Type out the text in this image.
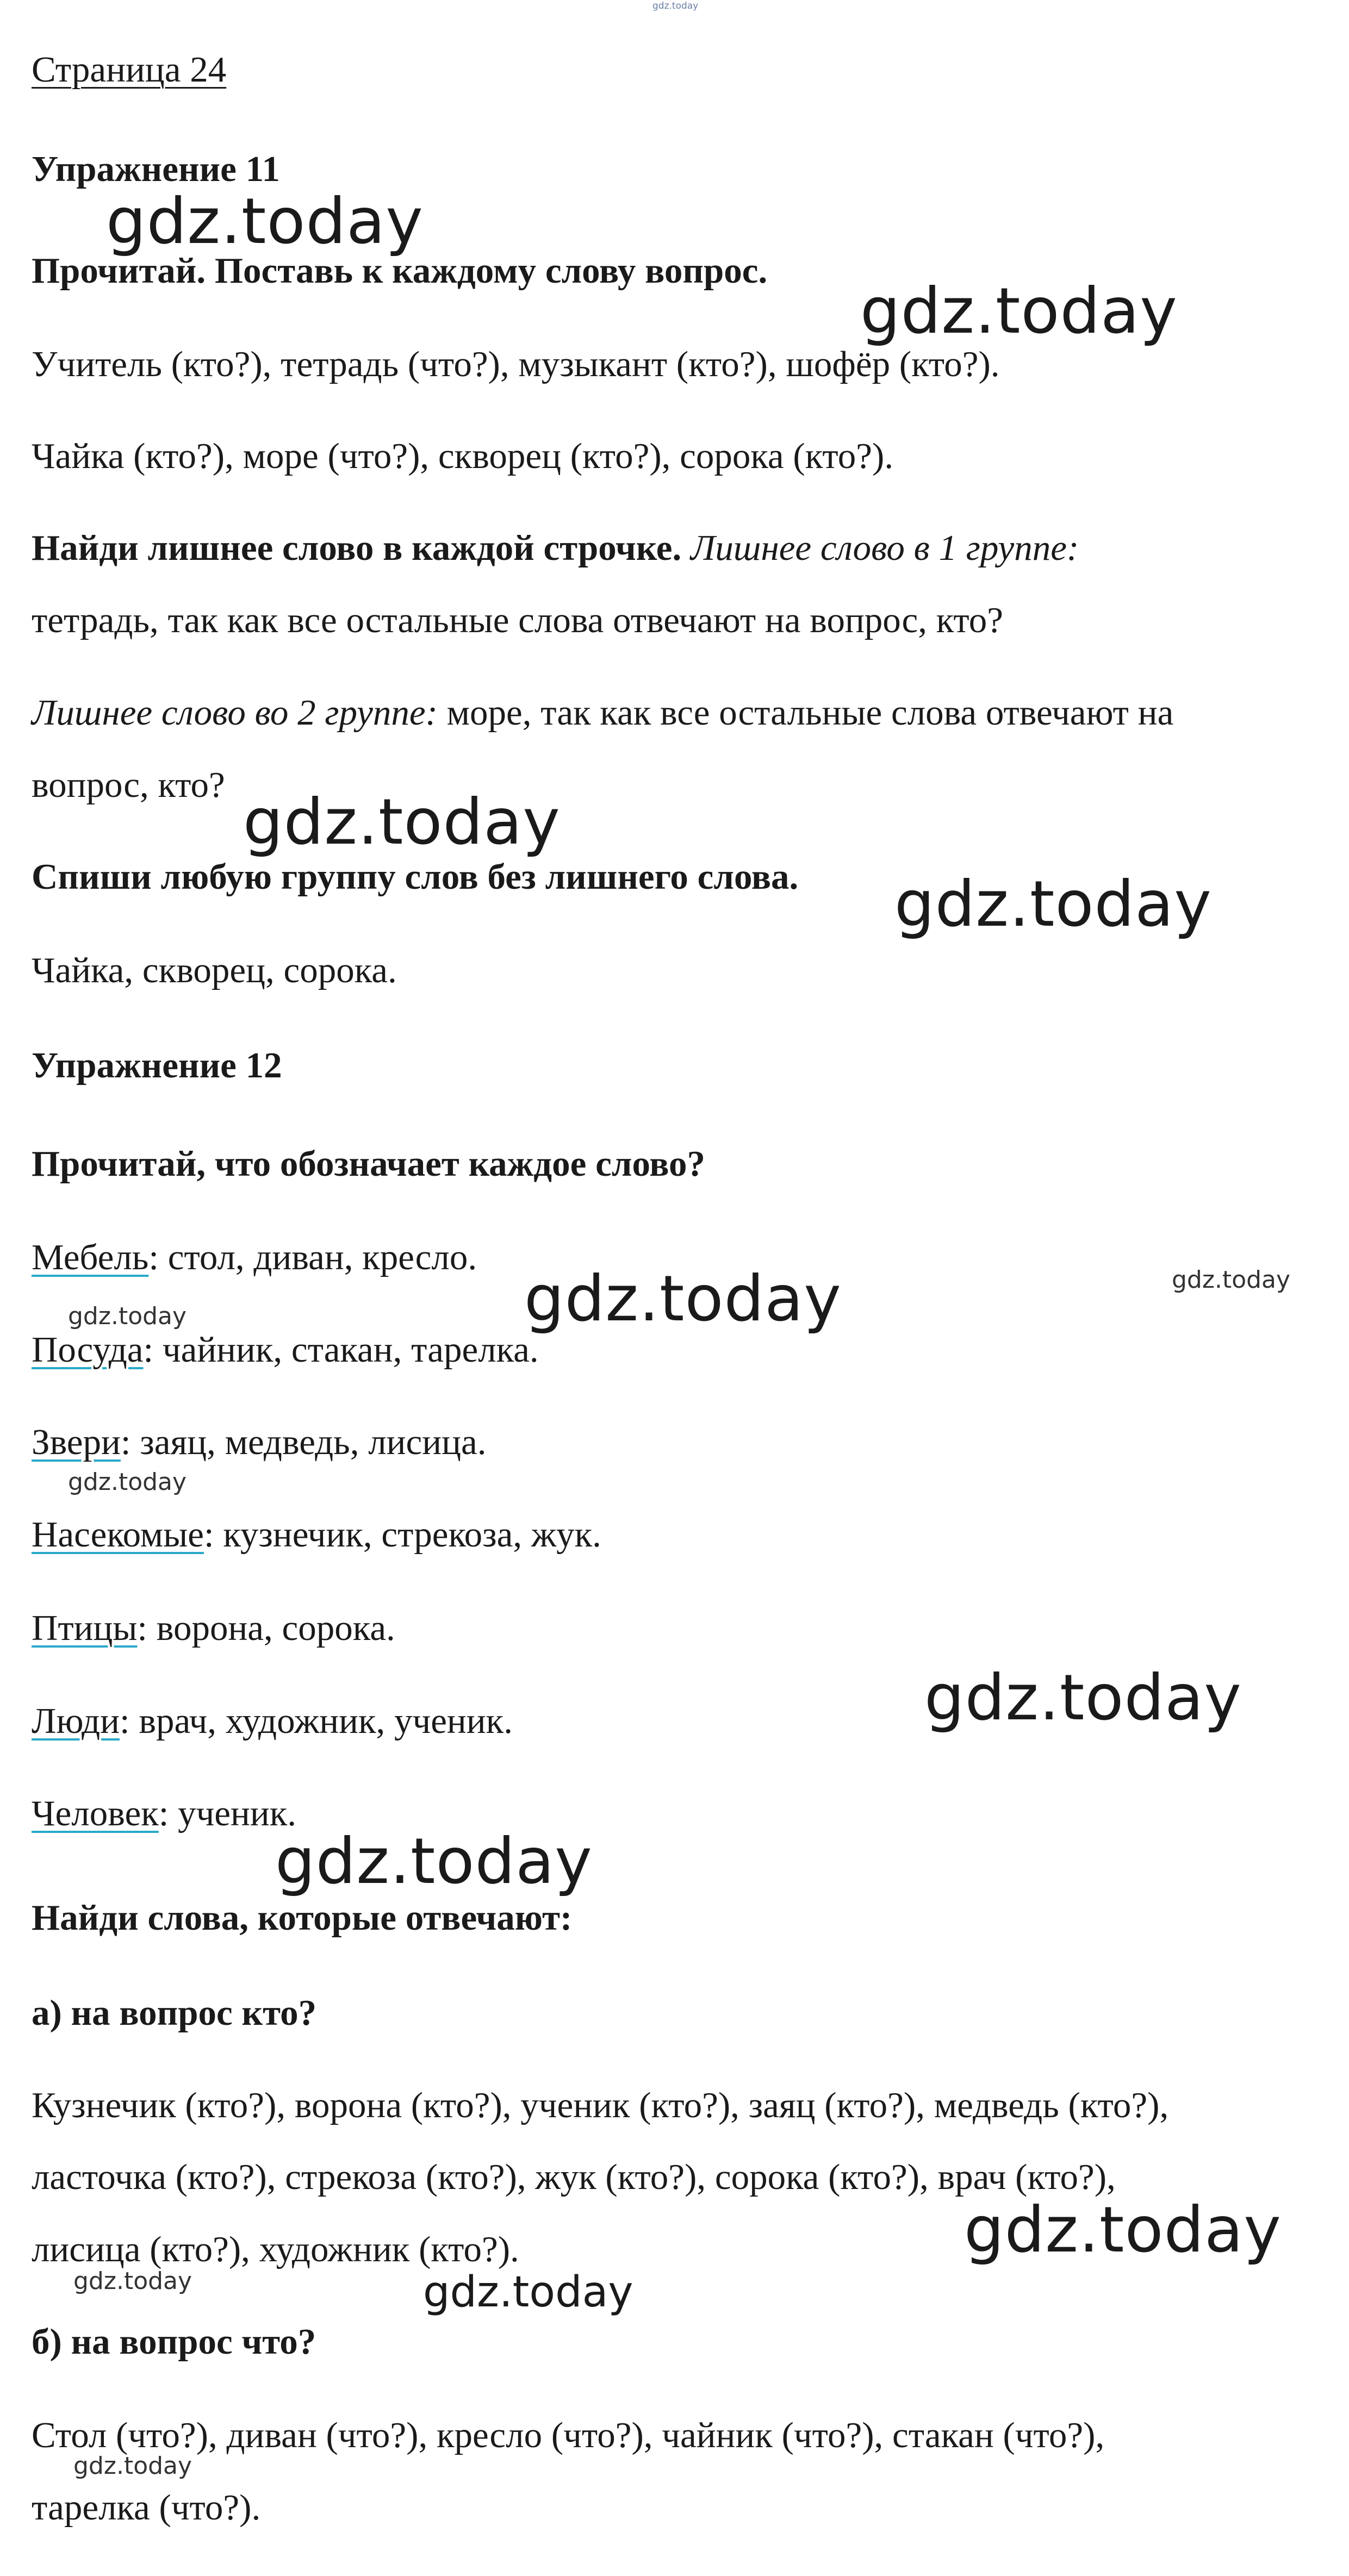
Страница 24
Упражнение 11
Прочитай. Поставь к каждому слову вопрос.
Учитель (кто?), тетрадь (что?), музыкант (кто?), шофёр (кто?).
Чайка (кто?), море (что?), скворец (кто?), сорока (кто?).
Найди лишнее слово в каждой строчке. Лишнее слово в 1 группе:
тетрадь, так как все остальные слова отвечают на вопрос, кто?
Лишнее слово во 2 группе: море, так как все остальные слова отвечают на
вопрос, кто?
Спиши любую группу слов без лишнего слова.
Чайка, скворец, сорока.
Упражнение 12
Прочитай, что обозначает каждое слово?
Мебель: стол, диван, кресло.
Посуда: чайник, стакан, тарелка.
Звери: заяц, медведь, лисица.
Насекомые: кузнечик, стрекоза, жук.
Птицы: ворона, сорока.
Люди: врач, художник, ученик.
Человек: ученик.
Найди слова, которые отвечают:
а) на вопрос кто?
Кузнечик (кто?), ворона (кто?), ученик (кто?), заяц (кто?), медведь (кто?),
ласточка (кто?), стрекоза (кто?), жук (кто?), сорока (кто?), врач (кто?),
лисица (кто?), художник (кто?).
б) на вопрос что?
Стол (что?), диван (что?), кресло (что?), чайник (что?), стакан (что?),
тарелка (что?).
gdz.today
gdz.today
gdz.today
gdz.today
gdz.today
gdz.today
gdz.today
gdz.today
gdz.today
gdz.today
gdz.today
gdz.today
gdz.today	gdz.today
gdz.today
